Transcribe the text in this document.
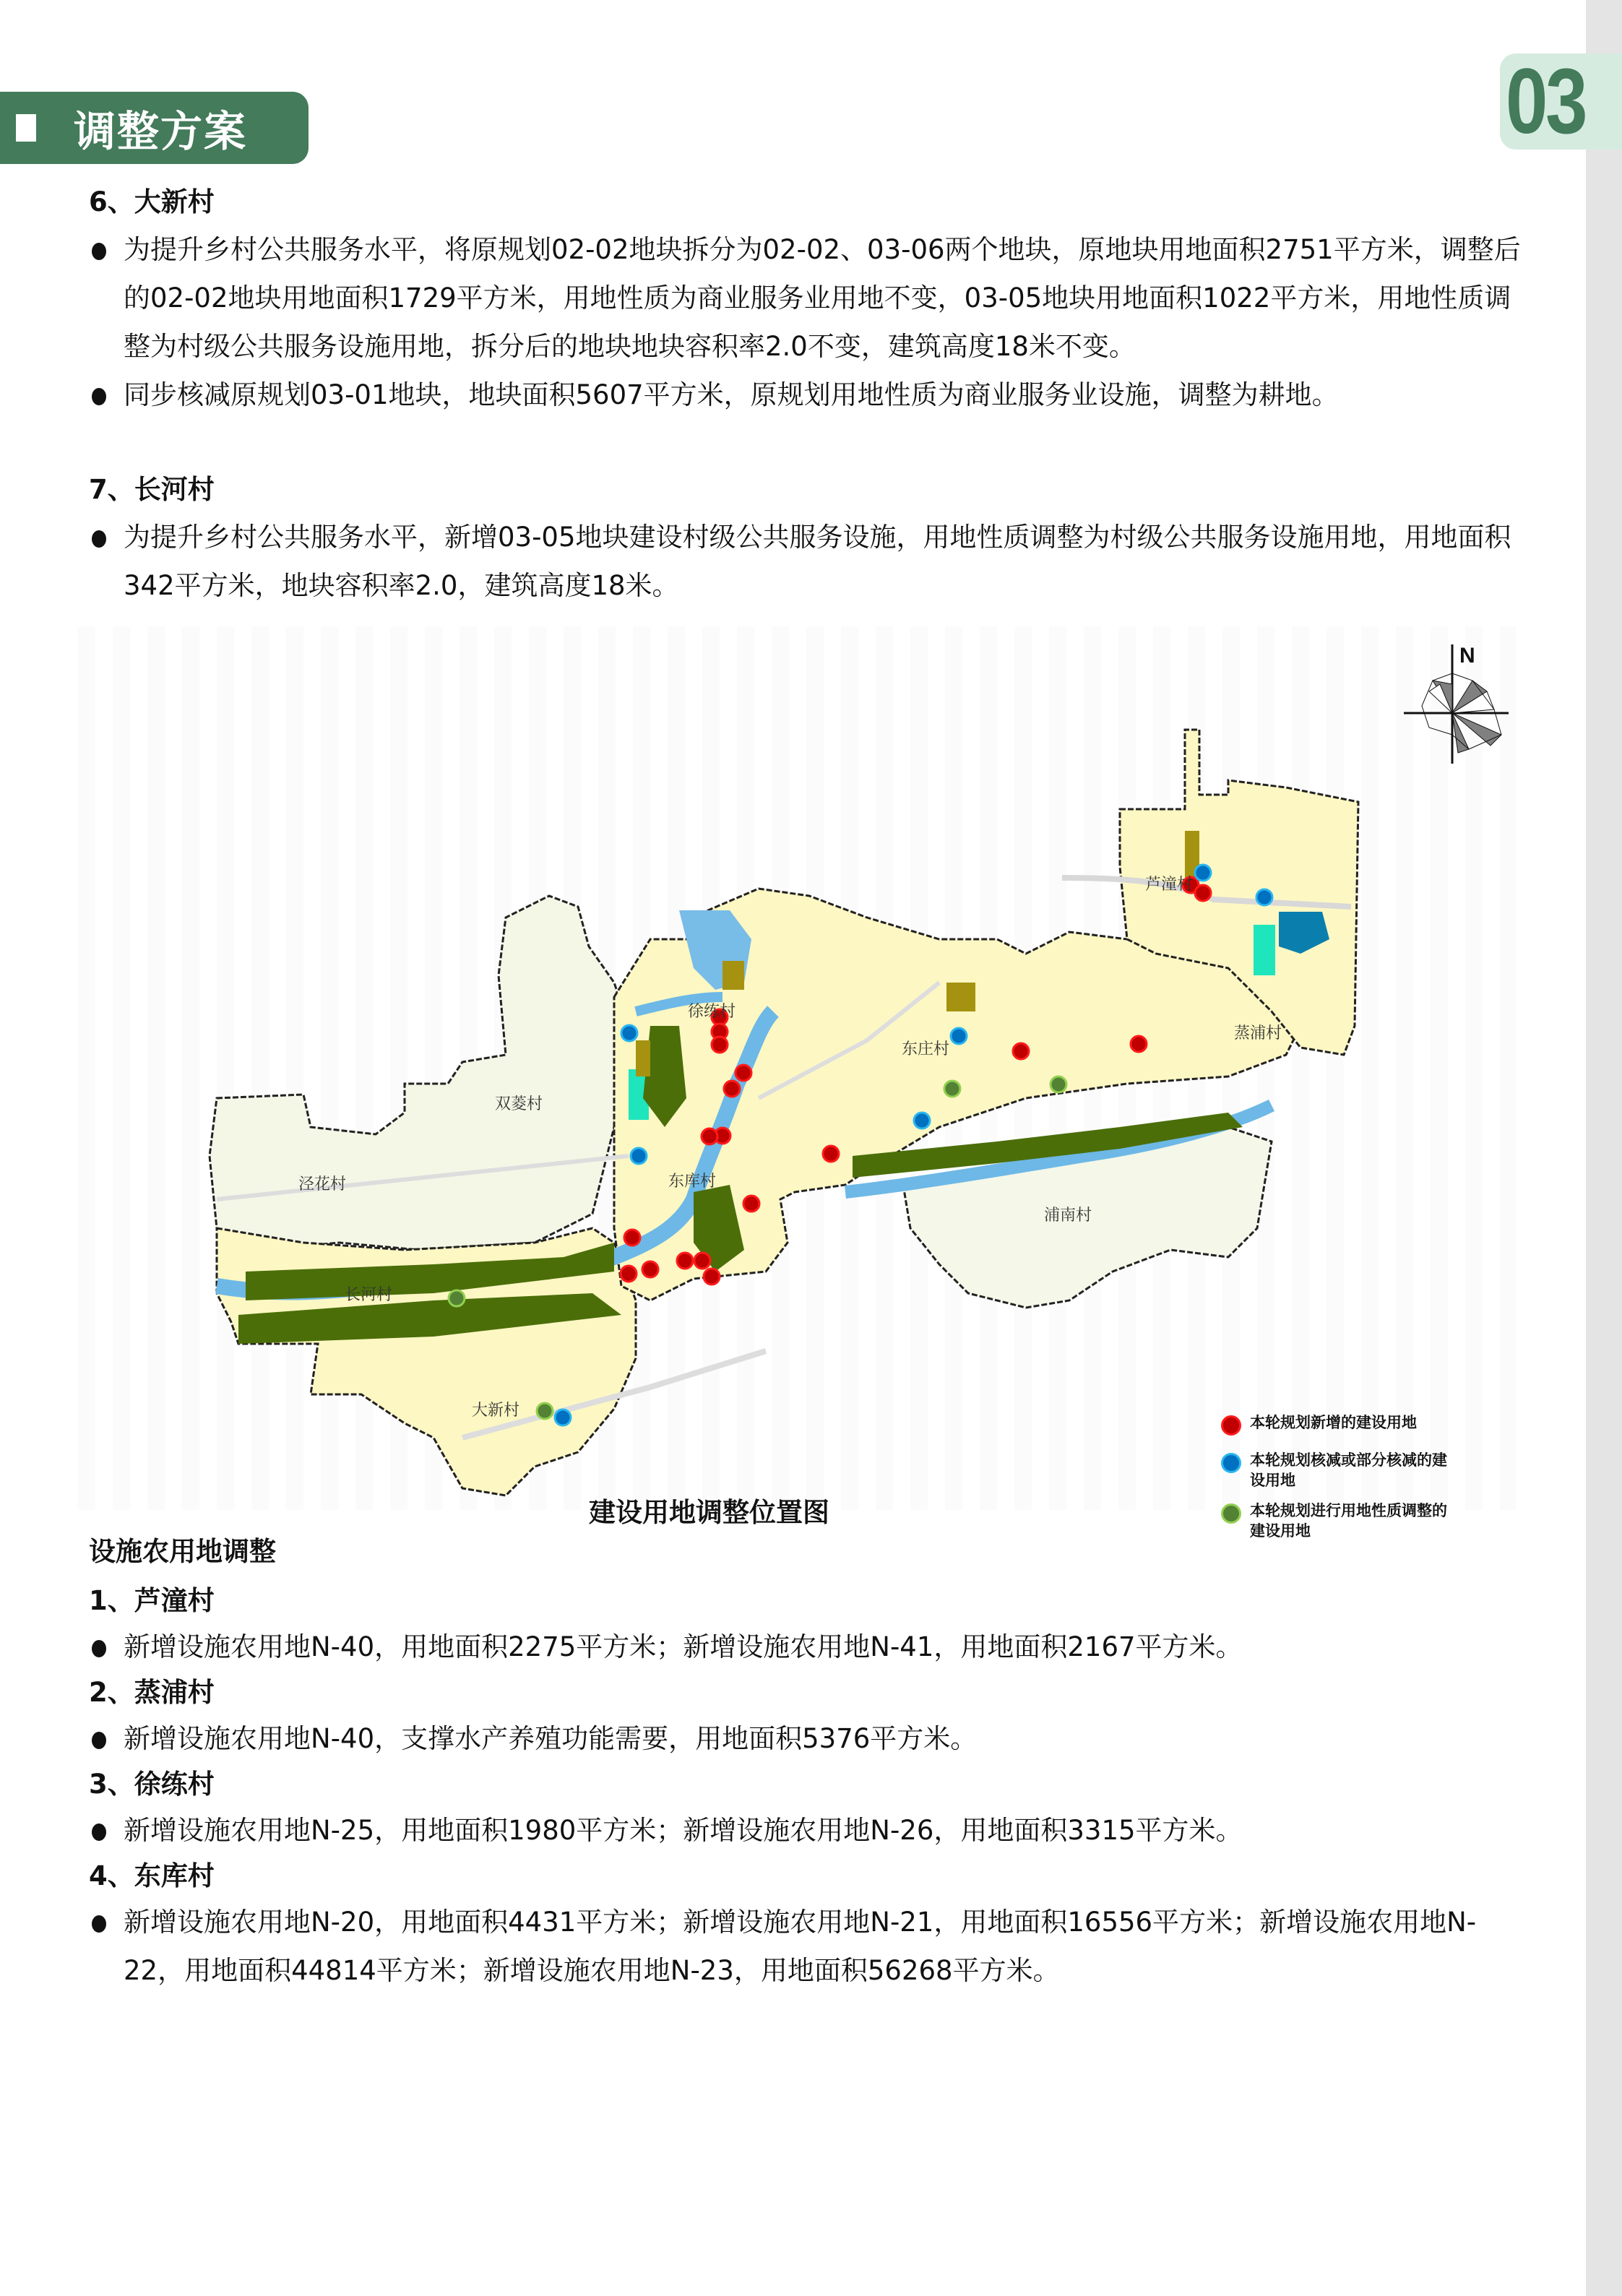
调整方案	03

6、大新村

为提升乡村公共服务水平，将原规划02-02地块拆分为02-02、03-06两个地块，原地块用地面积2751平方米，调整后的02-02地块用地面积1729平方米，用地性质为商业服务业用地不变，03-05地块用地面积1022平方米，用地性质调整为村级公共服务设施用地，拆分后的地块地块容积率2.0不变，建筑高度18米不变。
同步核减原规划03-01地块，地块面积5607平方米，原规划用地性质为商业服务业设施，调整为耕地。

7、长河村

为提升乡村公共服务水平，新增03-05地块建设村级公共服务设施，用地性质调整为村级公共服务设施用地，用地面积342平方米，地块容积率2.0，建筑高度18米。
N
芦潼村
蒸浦村
徐练村
东庄村
双菱村
泾花村	东库村
浦南村
长河村
大新村
本轮规划新增的建设用地
本轮规划核减或部分核减的建设用地
本轮规划进行用地性质调整的建设用地
建设用地调整位置图

设施农用地调整

1、芦潼村

新增设施农用地N-40，用地面积2275平方米；新增设施农用地N-41，用地面积2167平方米。

2、蒸浦村

新增设施农用地N-40，支撑水产养殖功能需要，用地面积5376平方米。

3、徐练村

新增设施农用地N-25，用地面积1980平方米；新增设施农用地N-26，用地面积3315平方米。

4、东库村

新增设施农用地N-20，用地面积4431平方米；新增设施农用地N-21，用地面积16556平方米；新增设施农用地N-22，用地面积44814平方米；新增设施农用地N-23，用地面积56268平方米。
